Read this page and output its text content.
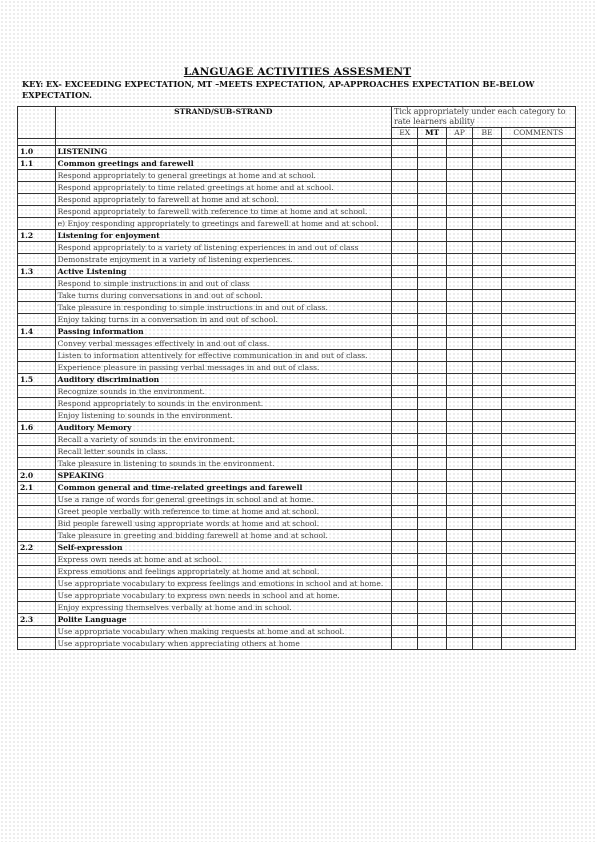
LANGUAGE ACTIVITIES ASSESMENT
KEY: EX- EXCEEDING EXPECTATION, MT –MEETS EXPECTATION, AP-APPROACHES EXPECTATION BE-BELOW EXPECTATION.
	STRAND/SUB-STRAND	Tick appropriately under each category to rate learners ability				
		EX	MT	AP	BE	COMMENTS

1.0	LISTENING					
1.1	Common greetings and farewell					
	Respond appropriately to general greetings at home and at school.					
	Respond appropriately to time related greetings at home and at school.					
	Respond appropriately to farewell at home and at school.					
	Respond appropriately to farewell with reference to time at home and at school.					
	e) Enjoy responding appropriately to greetings and farewell at home and at school.					
1.2	Listening for enjoyment					
	Respond appropriately to a variety of listening experiences in and out of class					
	Demonstrate enjoyment in a variety of listening experiences.					
1.3	Active Listening					
	Respond to simple instructions in and out of class					
	Take turns during conversations in and out of school.					
	Take pleasure in responding to simple instructions in and out of class.					
	Enjoy taking turns in a conversation in and out of school.					
1.4	Passing information					
	Convey verbal messages effectively in and out of class.					
	Listen to information attentively for effective communication in and out of class.					
	Experience pleasure in passing verbal messages in and out of class.					
1.5	Auditory discrimination					
	Recognize sounds in the environment.					
	Respond appropriately to sounds in the environment.					
	Enjoy listening to sounds in the environment.					
1.6	Auditory Memory					
	Recall a variety of sounds in the environment.					
	Recall letter sounds in class.					
	Take pleasure in listening to sounds in the environment.					
2.0	SPEAKING					
2.1	Common general and time-related greetings and farewell					
	Use a range of words for general greetings in school and at home.					
	Greet people verbally with reference to time at home and at school.					
	Bid people farewell using appropriate words at home and at school.					
	Take pleasure in greeting and bidding farewell at home and at school.					
2.2	Self-expression					
	Express own needs at home and at school.					
	Express emotions and feelings appropriately at home and at school.					
	Use appropriate vocabulary to express feelings and emotions in school and at home.					
	Use appropriate vocabulary to express own needs in school and at home.					
	Enjoy expressing themselves verbally at home and in school.					
2.3	Polite Language					
	Use appropriate vocabulary when making requests at home and at school.					
	Use appropriate vocabulary when appreciating others at home					
